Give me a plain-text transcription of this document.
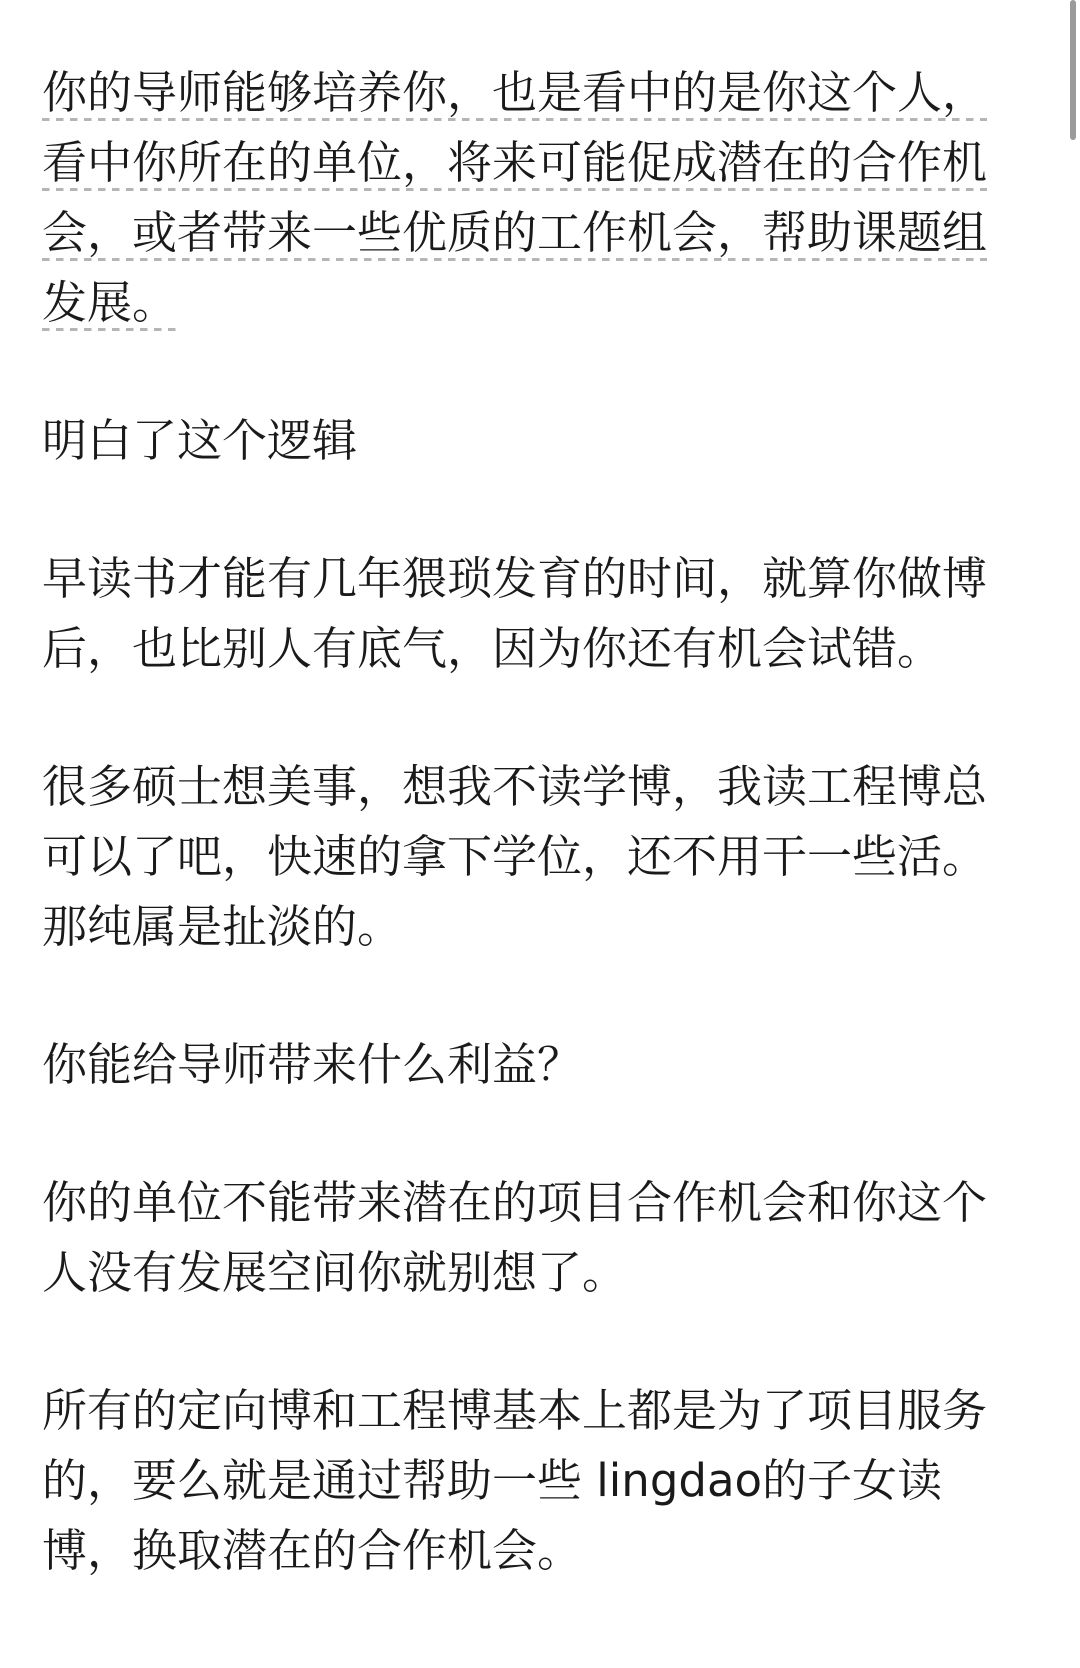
你的导师能够培养你，也是看中的是你这个人，看中你所在的单位，将来可能促成潜在的合作机会，或者带来一些优质的工作机会，帮助课题组发展。

明白了这个逻辑

早读书才能有几年猥琐发育的时间，就算你做博后，也比别人有底气，因为你还有机会试错。

很多硕士想美事，想我不读学博，我读工程博总可以了吧，快速的拿下学位，还不用干一些活。那纯属是扯淡的。

你能给导师带来什么利益？

你的单位不能带来潜在的项目合作机会和你这个人没有发展空间你就别想了。

所有的定向博和工程博基本上都是为了项目服务的，要么就是通过帮助一些 lingdao的子女读博，换取潜在的合作机会。
